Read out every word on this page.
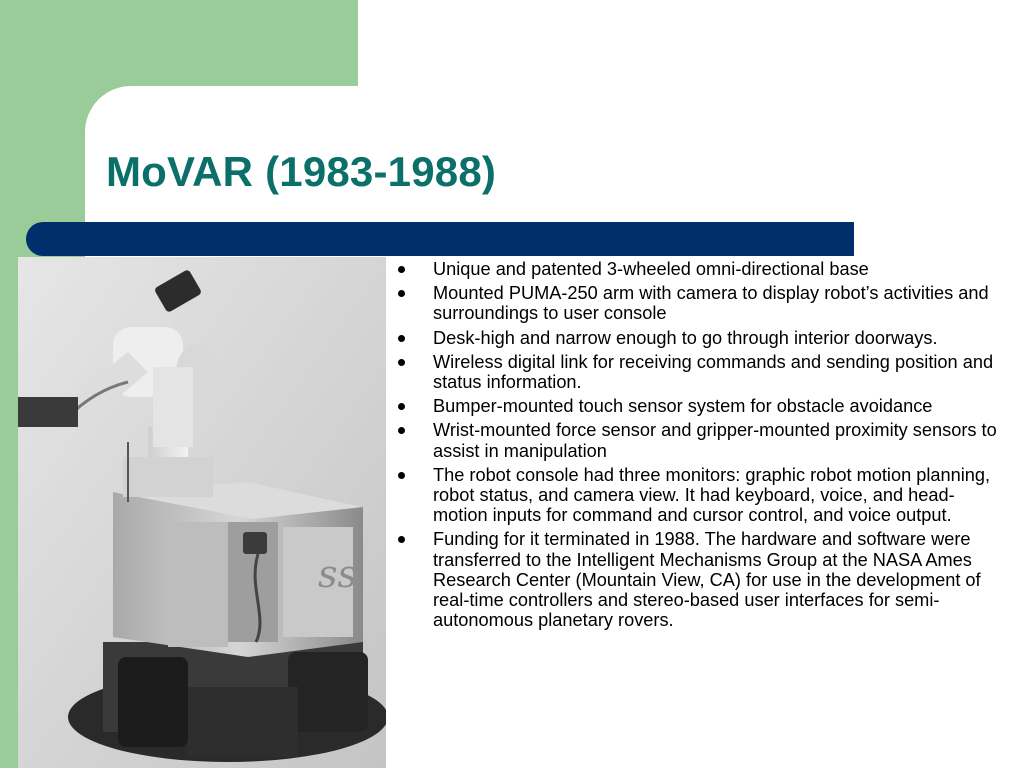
MoVAR (1983-1988)
ss
Unique and patented 3-wheeled omni-directional base
Mounted PUMA-250 arm with camera to display robot’s activities and surroundings to user console
Desk-high and narrow enough to go through interior doorways.
Wireless digital link for receiving commands and sending position and status information.
Bumper-mounted touch sensor system for obstacle avoidance
Wrist-mounted force sensor and gripper-mounted proximity sensors to assist in manipulation
The robot console had three monitors: graphic robot motion planning, robot status, and camera view. It had keyboard, voice, and head-motion inputs for command and cursor control, and voice output.
Funding for it terminated in 1988. The hardware and software were transferred to the Intelligent Mechanisms Group at the NASA Ames Research Center (Mountain View, CA) for use in the development of real-time controllers and stereo-based user interfaces for semi-autonomous planetary rovers.
